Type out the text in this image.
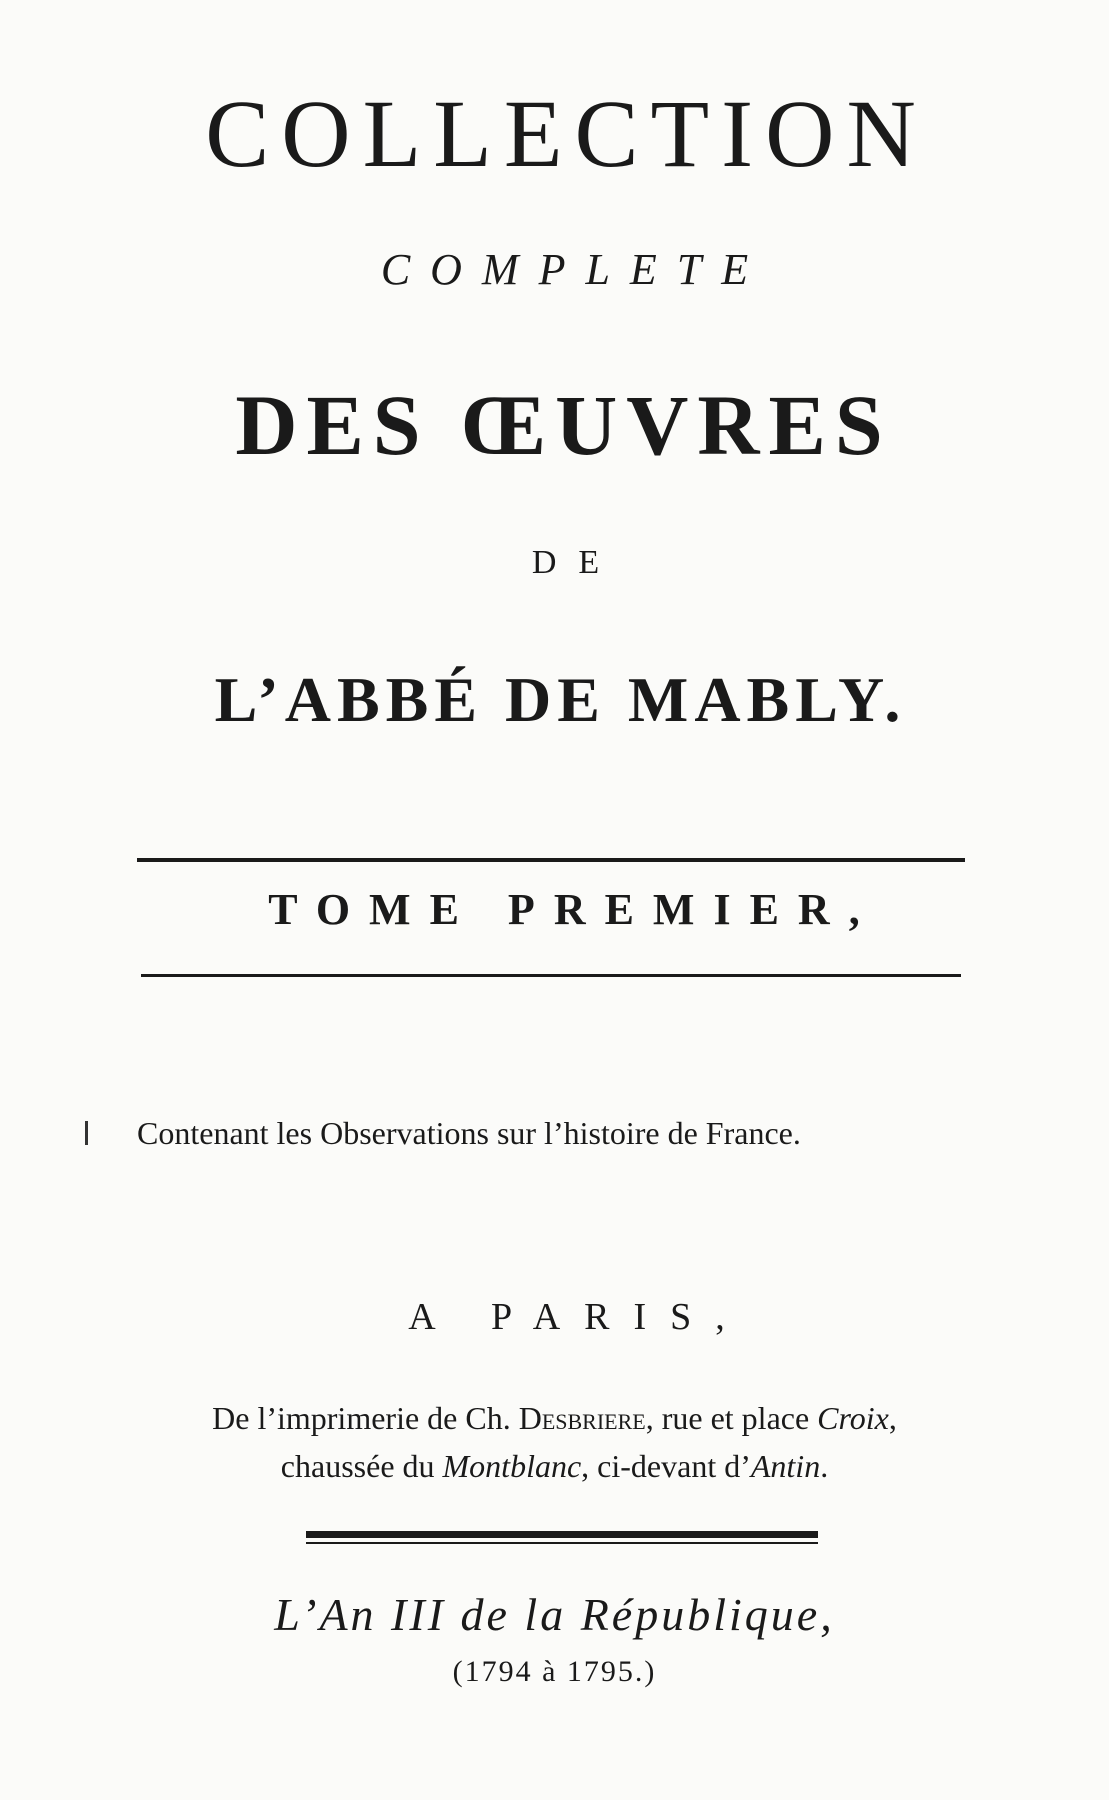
COLLECTION
COMPLETE
DES ŒUVRES
DE
L’ABBÉ DE MABLY.
TOME PREMIER,
Contenant les Observations sur l’histoire de France.
A PARIS,
De l’imprimerie de Ch. Desbriere, rue et place Croix,
chaussée du Montblanc, ci-devant d’Antin.
L’An III de la République,
(1794 à 1795.)
